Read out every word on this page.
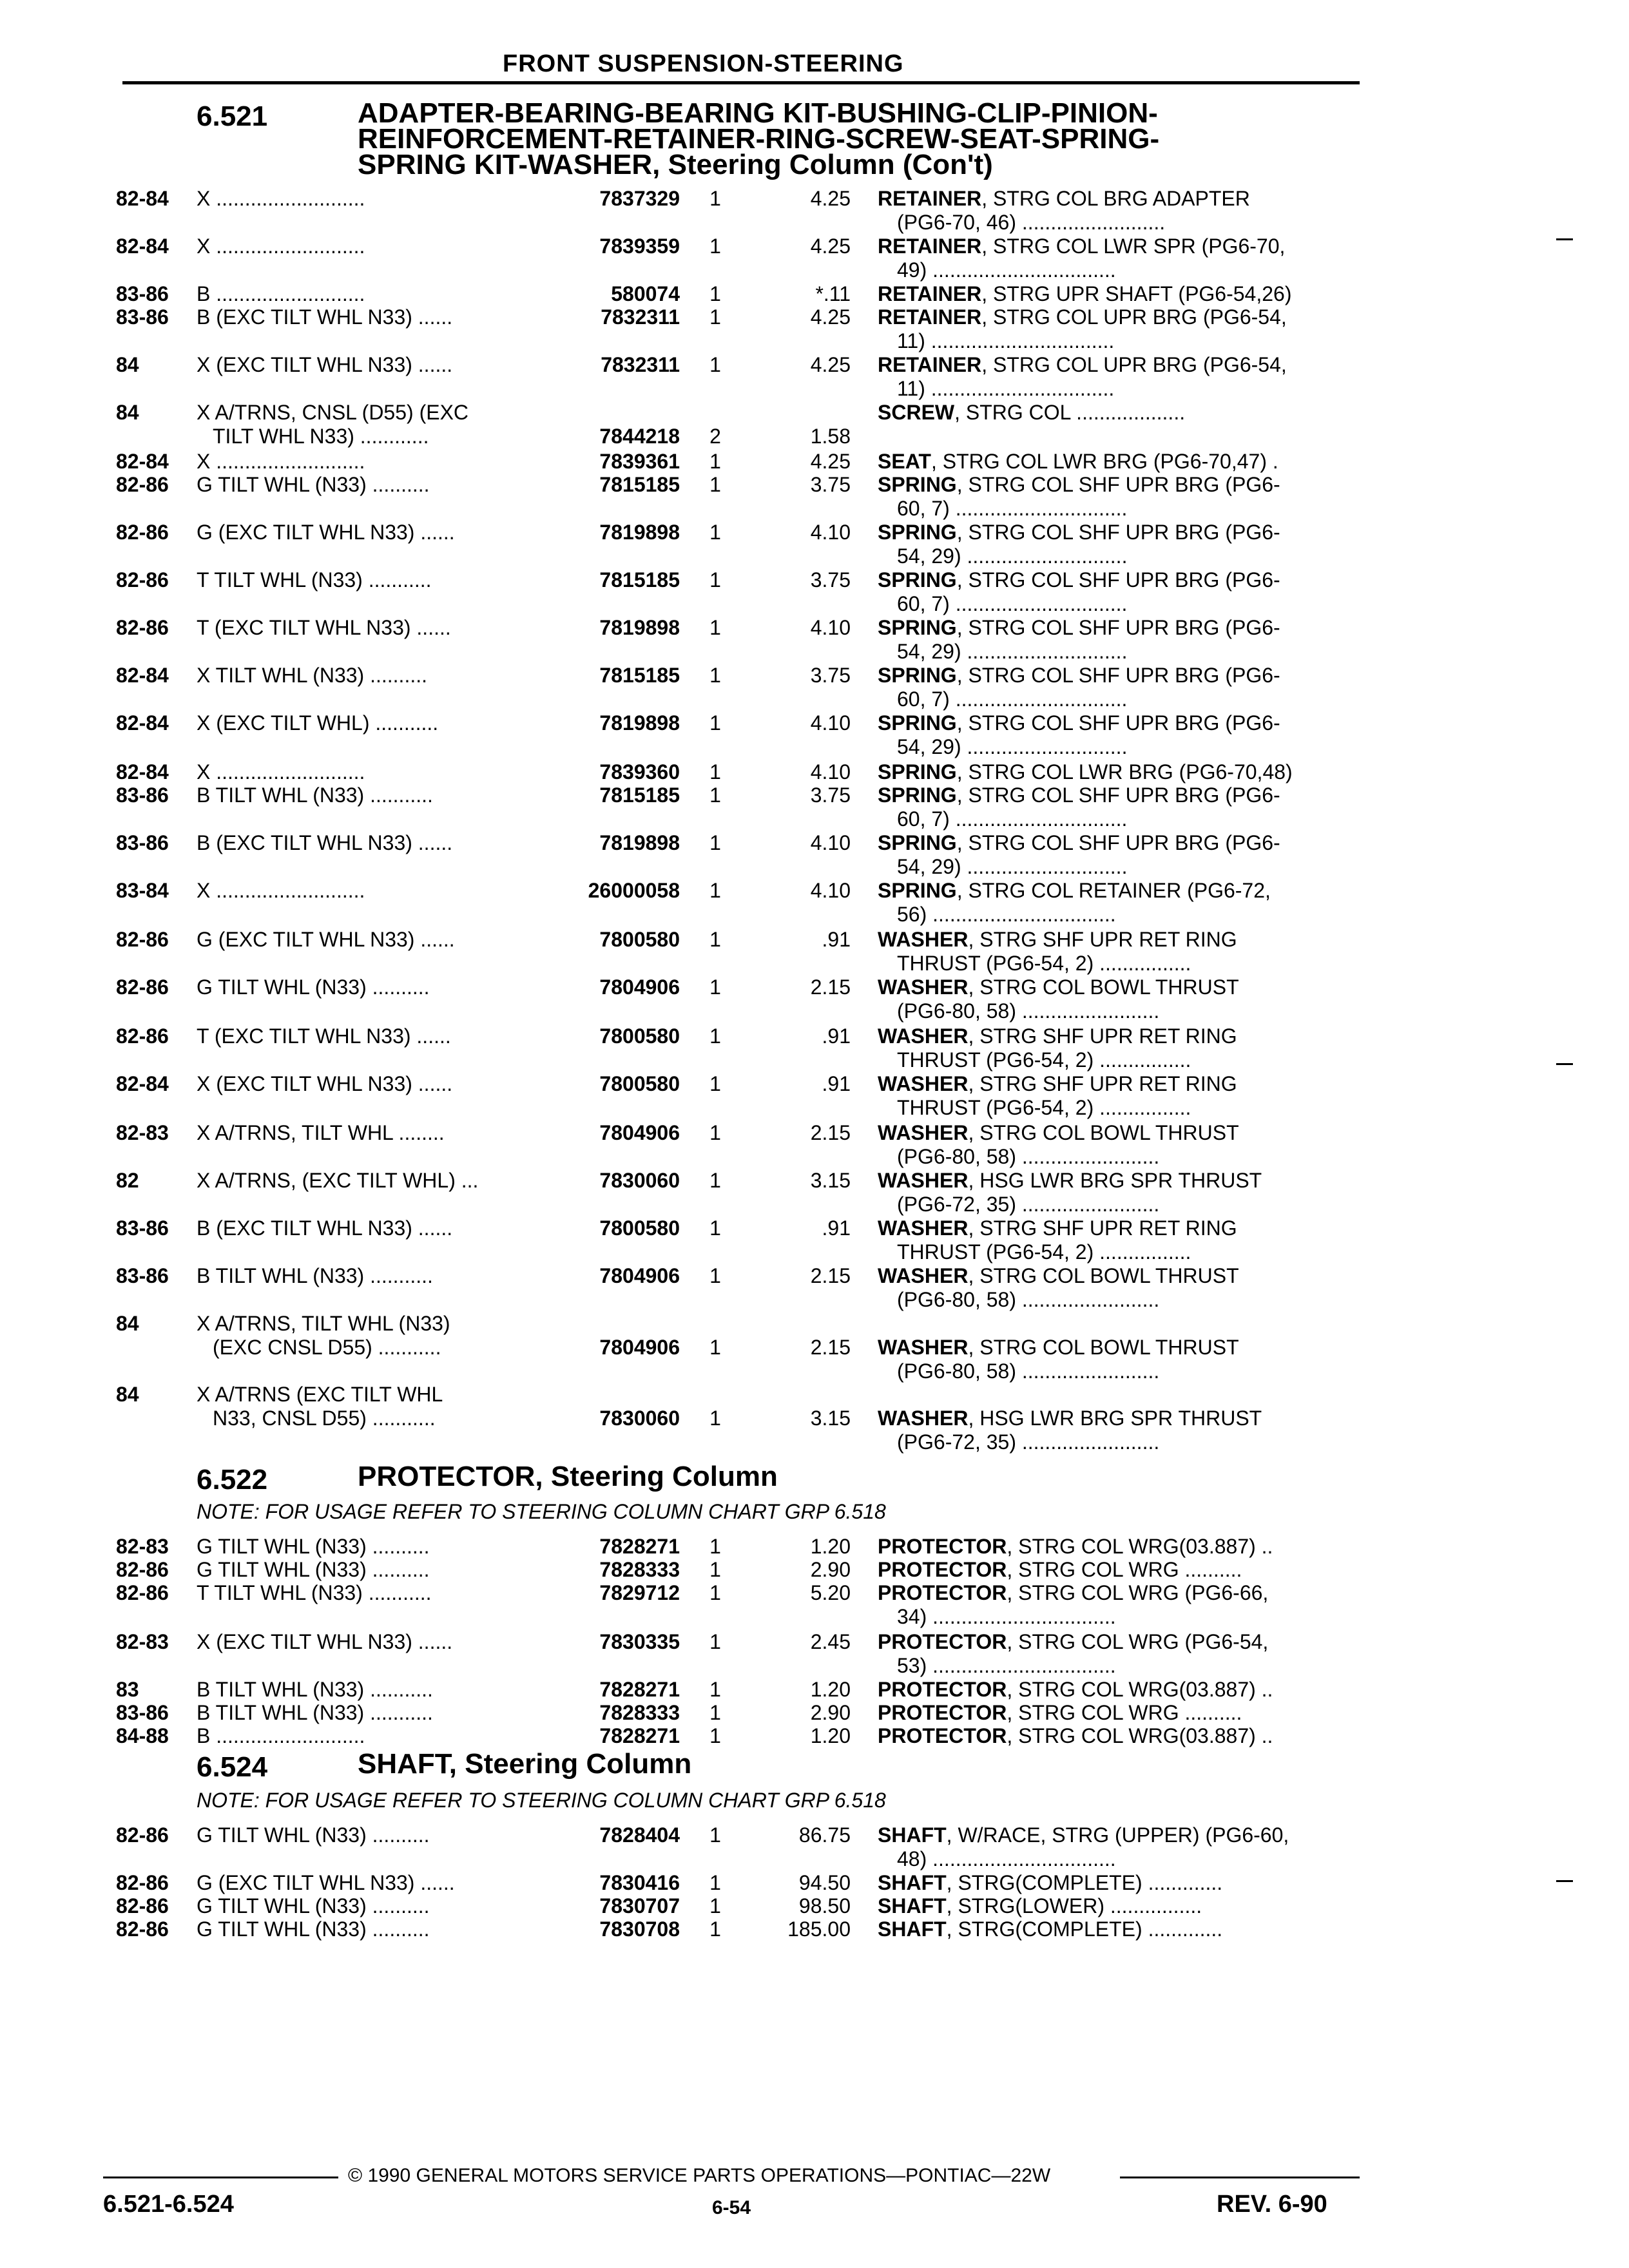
FRONT SUSPENSION-STEERING
6.521	ADAPTER-BEARING-BEARING KIT-BUSHING-CLIP-PINION-
REINFORCEMENT-RETAINER-RING-SCREW-SEAT-SPRING-
SPRING KIT-WASHER, Steering Column (Con't)
6.522	PROTECTOR, Steering Column
NOTE: FOR USAGE REFER TO STEERING COLUMN CHART GRP 6.518
6.524	SHAFT, Steering Column
NOTE: FOR USAGE REFER TO STEERING COLUMN CHART GRP 6.518
82-84 X ..........................	7837329	1	4.25 RETAINER, STRG COL BRG ADAPTER
(PG6-70, 46) .........................
82-84 X ..........................	7839359	1	4.25 RETAINER, STRG COL LWR SPR (PG6-70,
49) ................................
83-86 B ..........................	580074	1	*.11 RETAINER, STRG UPR SHAFT (PG6-54,26)
83-86 B (EXC TILT WHL N33) ......	7832311	1	4.25 RETAINER, STRG COL UPR BRG (PG6-54,
11) ................................
84	X (EXC TILT WHL N33) ......	7832311	1	4.25 RETAINER, STRG COL UPR BRG (PG6-54,
11) ................................
84	X A/TRNS, CNSL (D55) (EXC
TILT WHL N33) ............	7844218	2	1.58
SCREW, STRG COL ...................
82-84 X ..........................	7839361	1	4.25 SEAT, STRG COL LWR BRG (PG6-70,47) .
82-86 G TILT WHL (N33) ..........	7815185	1	3.75 SPRING, STRG COL SHF UPR BRG (PG6-
60, 7) ..............................
82-86 G (EXC TILT WHL N33) ......	7819898	1	4.10 SPRING, STRG COL SHF UPR BRG (PG6-
54, 29) ............................
82-86 T TILT WHL (N33) ...........	7815185	1	3.75 SPRING, STRG COL SHF UPR BRG (PG6-
60, 7) ..............................
82-86 T (EXC TILT WHL N33) ......	7819898	1	4.10 SPRING, STRG COL SHF UPR BRG (PG6-
54, 29) ............................
82-84 X TILT WHL (N33) ..........	7815185	1	3.75 SPRING, STRG COL SHF UPR BRG (PG6-
60, 7) ..............................
82-84 X (EXC TILT WHL) ...........	7819898	1	4.10 SPRING, STRG COL SHF UPR BRG (PG6-
54, 29) ............................
82-84 X ..........................	7839360	1	4.10 SPRING, STRG COL LWR BRG (PG6-70,48)
83-86 B TILT WHL (N33) ...........	7815185	1	3.75 SPRING, STRG COL SHF UPR BRG (PG6-
60, 7) ..............................
83-86 B (EXC TILT WHL N33) ......	7819898	1	4.10 SPRING, STRG COL SHF UPR BRG (PG6-
54, 29) ............................
83-84 X ..........................	26000058	1	4.10 SPRING, STRG COL RETAINER (PG6-72,
56) ................................
82-86 G (EXC TILT WHL N33) ......	7800580	1	.91 WASHER, STRG SHF UPR RET RING
THRUST (PG6-54, 2) ................
82-86 G TILT WHL (N33) ..........	7804906	1	2.15 WASHER, STRG COL BOWL THRUST
(PG6-80, 58) ........................
82-86 T (EXC TILT WHL N33) ......	7800580	1	.91 WASHER, STRG SHF UPR RET RING
THRUST (PG6-54, 2) ................
82-84 X (EXC TILT WHL N33) ......	7800580	1	.91 WASHER, STRG SHF UPR RET RING
THRUST (PG6-54, 2) ................
82-83 X A/TRNS, TILT WHL ........	7804906	1	2.15 WASHER, STRG COL BOWL THRUST
(PG6-80, 58) ........................
82	X A/TRNS, (EXC TILT WHL) ...	7830060	1	3.15 WASHER, HSG LWR BRG SPR THRUST
(PG6-72, 35) ........................
83-86 B (EXC TILT WHL N33) ......	7800580	1	.91 WASHER, STRG SHF UPR RET RING
THRUST (PG6-54, 2) ................
83-86 B TILT WHL (N33) ...........	7804906	1	2.15 WASHER, STRG COL BOWL THRUST
(PG6-80, 58) ........................
84	X A/TRNS, TILT WHL (N33)
(EXC CNSL D55) ...........	7804906	1	2.15 WASHER, STRG COL BOWL THRUST
(PG6-80, 58) ........................
84	X A/TRNS (EXC TILT WHL
N33, CNSL D55) ...........	7830060	1	3.15 WASHER, HSG LWR BRG SPR THRUST
(PG6-72, 35) ........................
82-83 G TILT WHL (N33) ..........	7828271	1	1.20 PROTECTOR, STRG COL WRG(03.887) ..
82-86 G TILT WHL (N33) ..........	7828333	1	2.90 PROTECTOR, STRG COL WRG ..........
82-86 T TILT WHL (N33) ...........	7829712	1	5.20 PROTECTOR, STRG COL WRG (PG6-66,
34) ................................
82-83 X (EXC TILT WHL N33) ......	7830335	1	2.45 PROTECTOR, STRG COL WRG (PG6-54,
53) ................................
83	B TILT WHL (N33) ...........	7828271	1	1.20 PROTECTOR, STRG COL WRG(03.887) ..
83-86 B TILT WHL (N33) ...........	7828333	1	2.90 PROTECTOR, STRG COL WRG ..........
84-88 B ..........................	7828271	1	1.20 PROTECTOR, STRG COL WRG(03.887) ..
82-86 G TILT WHL (N33) ..........	7828404	1	86.75 SHAFT, W/RACE, STRG (UPPER) (PG6-60,
48) ................................
82-86 G (EXC TILT WHL N33) ......	7830416	1	94.50 SHAFT, STRG(COMPLETE) .............
82-86 G TILT WHL (N33) ..........	7830707	1	98.50 SHAFT, STRG(LOWER) ................
82-86 G TILT WHL (N33) ..........	7830708	1	185.00 SHAFT, STRG(COMPLETE) .............
© 1990 GENERAL MOTORS SERVICE PARTS OPERATIONS—PONTIAC—22W
6.521-6.524	6-54	REV. 6-90
